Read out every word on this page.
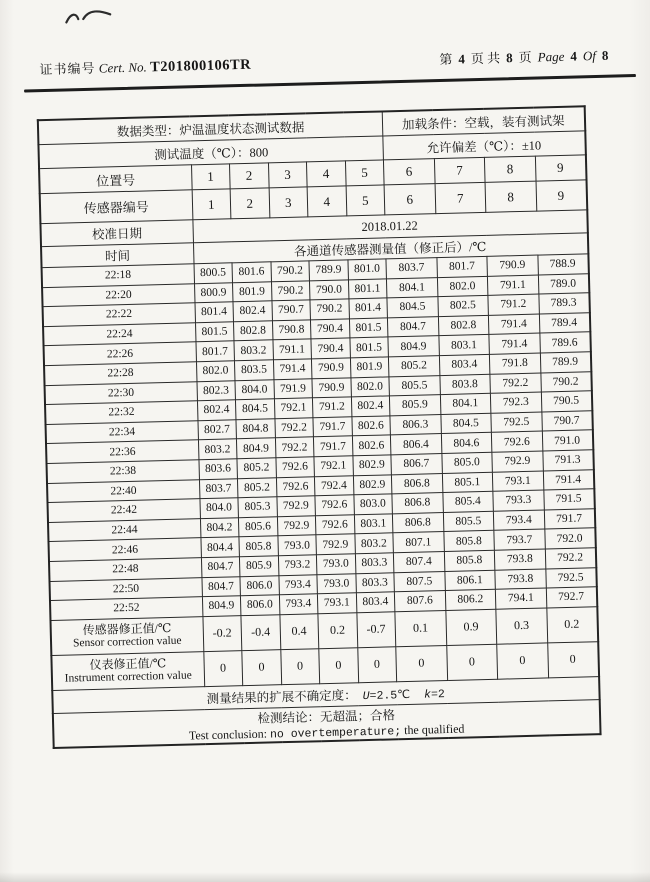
证书编号 Cert. No. T201800106TR	第 4 页 共 8 页 Page 4 Of 8
数据类型：炉温温度状态测试数据						加载条件：空载，装有测试架			
测试温度（℃）：800						允许偏差（℃）：±10			
位置号	1	2	3	4	5	6	7	8	9
传感器编号	1	2	3	4	5	6	7	8	9
校准日期	2018.01.22								
时间	各通道传感器测量值（修正后）/℃								
22:18	800.5	801.6	790.2	789.9	801.0	803.7	801.7	790.9	788.9
22:20	800.9	801.9	790.2	790.0	801.1	804.1	802.0	791.1	789.0
22:22	801.4	802.4	790.7	790.2	801.4	804.5	802.5	791.2	789.3
22:24	801.5	802.8	790.8	790.4	801.5	804.7	802.8	791.4	789.4
22:26	801.7	803.2	791.1	790.4	801.5	804.9	803.1	791.4	789.6
22:28	802.0	803.5	791.4	790.9	801.9	805.2	803.4	791.8	789.9
22:30	802.3	804.0	791.9	790.9	802.0	805.5	803.8	792.2	790.2
22:32	802.4	804.5	792.1	791.2	802.4	805.9	804.1	792.3	790.5
22:34	802.7	804.8	792.2	791.7	802.6	806.3	804.5	792.5	790.7
22:36	803.2	804.9	792.2	791.7	802.6	806.4	804.6	792.6	791.0
22:38	803.6	805.2	792.6	792.1	802.9	806.7	805.0	792.9	791.3
22:40	803.7	805.2	792.6	792.4	802.9	806.8	805.1	793.1	791.4
22:42	804.0	805.3	792.9	792.6	803.0	806.8	805.4	793.3	791.5
22:44	804.2	805.6	792.9	792.6	803.1	806.8	805.5	793.4	791.7
22:46	804.4	805.8	793.0	792.9	803.2	807.1	805.8	793.7	792.0
22:48	804.7	805.9	793.2	793.0	803.3	807.4	805.8	793.8	792.2
22:50	804.7	806.0	793.4	793.0	803.3	807.5	806.1	793.8	792.5
22:52	804.9	806.0	793.4	793.1	803.4	807.6	806.2	794.1	792.7

传感器修正值/℃
Sensor correction value	-0.2	-0.4	0.4	0.2	-0.7	0.1	0.9	0.3	0.2

仪表修正值/℃
Instrument correction value	0	0	0	0	0	0	0	0	0
测量结果的扩展不确定度： U=2.5℃ k=2									

检测结论：无超温；合格
Test conclusion: no overtemperature; the qualified									
